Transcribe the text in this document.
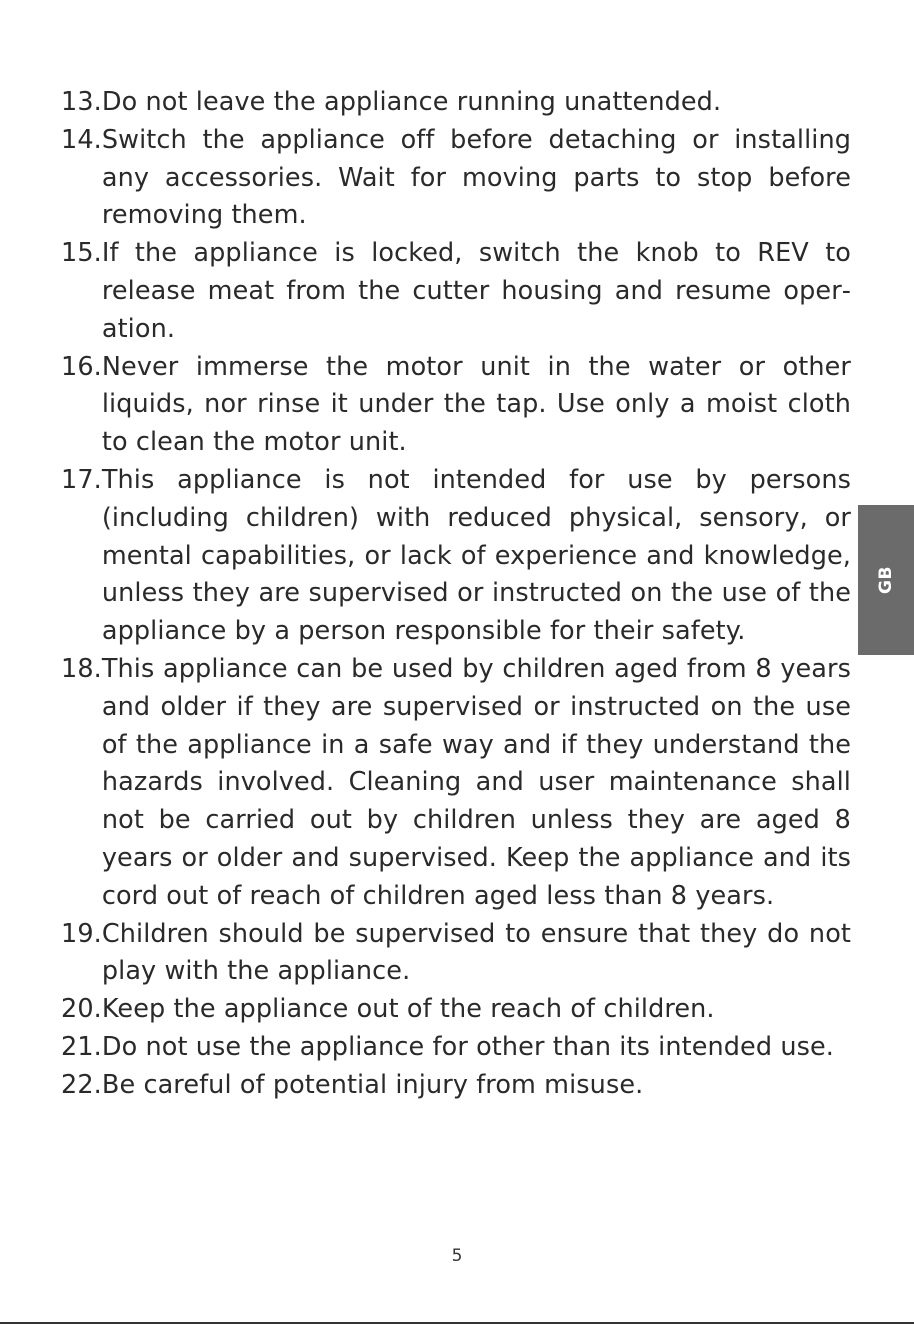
13. Do not leave the appliance running unattended.
14. Switch the appliance off before detaching or installing any accessories. Wait for moving parts to stop before removing them.
15. If the appliance is locked, switch the knob to REV to release meat from the cutter housing and resume operation.
16. Never immerse the motor unit in the water or other liquids, nor rinse it under the tap. Use only a moist cloth to clean the motor unit.
17. This appliance is not intended for use by persons (including children) with reduced physical, sensory, or mental capabilities, or lack of experience and knowledge, unless they are supervised or instructed on the use of the appliance by a person responsible for their safety.
18. This appliance can be used by children aged from 8 years and older if they are supervised or instructed on the use of the appliance in a safe way and if they understand the hazards involved. Cleaning and user maintenance shall not be carried out by children unless they are aged 8 years or older and supervised. Keep the appliance and its cord out of reach of children aged less than 8 years.
19. Children should be supervised to ensure that they do not play with the appliance.
20. Keep the appliance out of the reach of children.
21. Do not use the appliance for other than its intended use.
22. Be careful of potential injury from misuse.
GB
5
